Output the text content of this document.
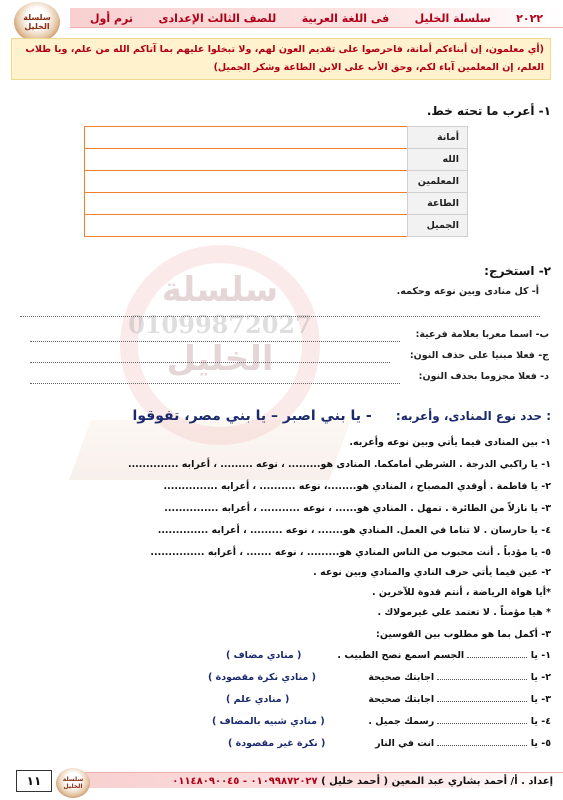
٢٠٢٢
سلسلة الخليل
فى اللغة العربية
للصف الثالث الإعدادى
ترم أول
سلسلة الخليل
(أي معلمون، إن أبناءكم أمانة، فاحرصوا على تقديم العون لهم، ولا تبخلوا عليهم بما آتاكم الله من علم، ويا طلاب العلم، إن المعلمين آباء لكم، وحق الأب على الابن الطاعة وشكر الجميل)
سلسلة
01099872027
الخليل
١- أعرب ما تحته خط.
أمانة	
الله	
المعلمين	
الطاعة	
الجميل	
٢- استخرج:
أ- كل منادى وبين نوعه وحكمه.
ب- اسما معربا بعلامة فرعية:
ج- فعلا مبنيا على حذف النون:
د- فعلا مجزوما بحذف النون:
: حدد نوع المنادى، وأعربه: - يا بني اصبر – يا بني مصر، تفوقوا
١- بين المنادى فيما يأتي وبين نوعه وأعربه.
١- يا راكبي الدرجة . الشرطي أمامكما. المنادى هو......... ، نوعه ......... ، أعرابه ..............
٢- يا فاطمة . أوقدي المصباح ، المنادي هو........، نوعه .......... ، أعرابه ...............
٣- يا نازلاً من الطائرة . تمهل . المنادي هو...... ، نوعه ........... ، أعرابه ...............
٤- يا حارسان . لا تناما في العمل. المنادي هو....... ، نوعه ......... ، أعرابه ..............
٥- يا مؤدباً . أنت محبوب من الناس المنادي هو......... ، نوعه ....... ، أعرابه ...............
٢- عين فيما يأتي حرف النادي والمنادي وبين نوعه .
*أيا هواة الرياضة ، أنتم قدوة للآخرين .
* هيا مؤمناً . لا تعتمد علي غيرمولاك .
٣- أكمل بما هو مطلوب بين القوسين:
١- يا  الجسم اسمع نصح الطبيب .
( منادي مضاف )
٢- يا  اجابتك صحيحة
( منادي نكرة مقصودة )
٣- يا  اجابتك صحيحة
( منادي علم )
٤- يا  رسمك جميل .
( منادي شبيه بالمضاف )
٥- يا  انت في النار
( نكرة غير مقصودة )
إعداد . أ/ أحمد بشاري عبد المعين ( أحمد خليل ) ٠١٠٩٩٨٧٢٠٢٧ - ٠١١٤٨٠٩٠٠٤٥
سلسلة الخليل
١١
